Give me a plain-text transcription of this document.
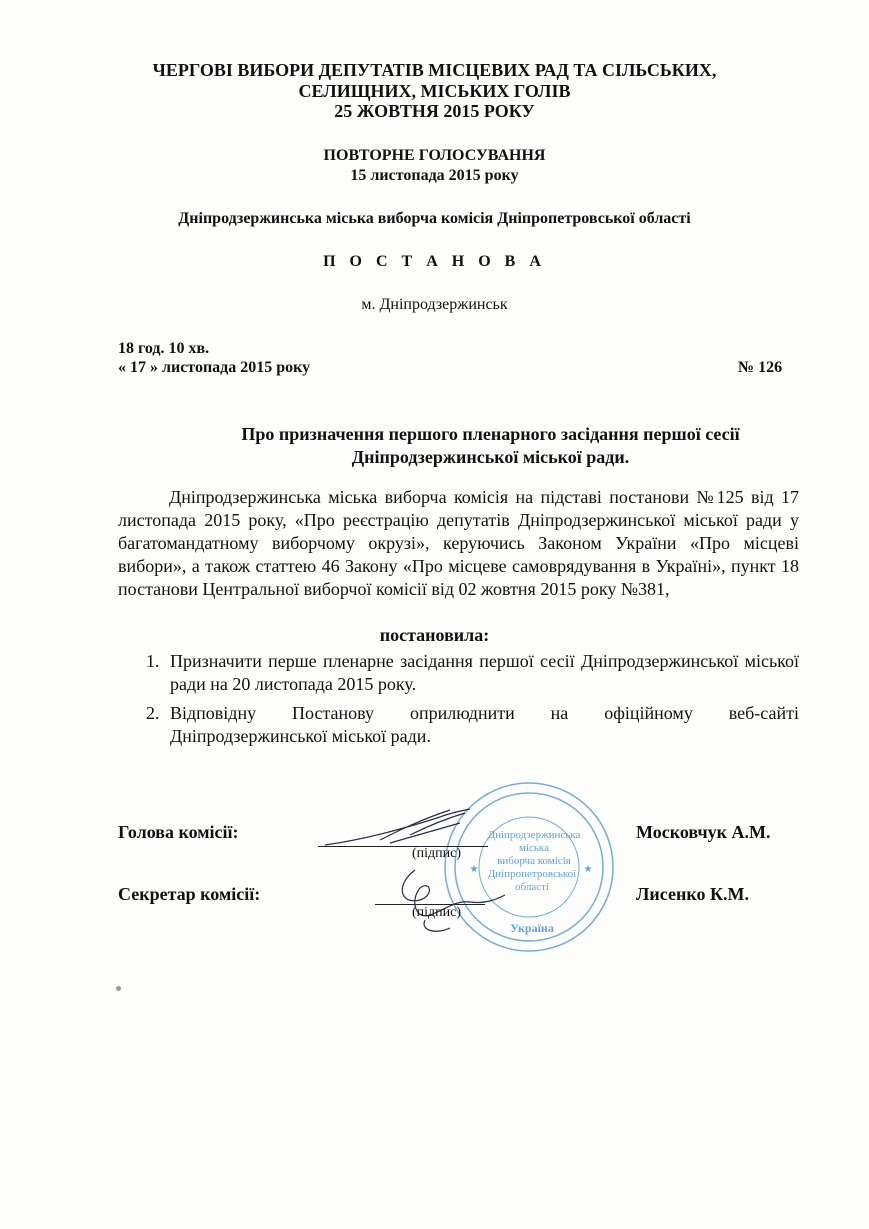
ЧЕРГОВІ ВИБОРИ ДЕПУТАТІВ МІСЦЕВИХ РАД ТА СІЛЬСЬКИХ,
СЕЛИЩНИХ, МІСЬКИХ ГОЛІВ
25 ЖОВТНЯ 2015 РОКУ
ПОВТОРНЕ ГОЛОСУВАННЯ
15 листопада 2015 року
Дніпродзержинська міська виборча комісія Дніпропетровської області
П О С Т А Н О В А
м. Дніпродзержинськ
18 год. 10 хв.
« 17 » листопада 2015 року	№ 126
Про призначення першого пленарного засідання першої сесії
Дніпродзержинської міської ради.

Дніпродзержинська міська виборча комісія на підставі постанови №125 від 17 листопада 2015 року, «Про реєстрацію депутатів Дніпродзержинської міської ради у багатомандатному виборчому окрузі», керуючись Законом України «Про місцеві вибори», а також статтею 46 Закону «Про місцеве самоврядування в Україні», пункт 18 постанови Центральної виборчої комісії від 02 жовтня 2015 року №381,

постановила:
1. Призначити перше пленарне засідання першої сесії Дніпродзержинської міської ради на 20 листопада 2015 року.
2. Відповідну Постанову оприлюднити на офіційному веб-сайті Дніпродзержинської міської ради.
Дніпродзержинська
міська
виборча комісія
Дніпропетровської
області
Україна
★	★
Голова комісії:
(підпис)
Московчук А.М.
Секретар комісії:
(підпис)
Лисенко К.М.
